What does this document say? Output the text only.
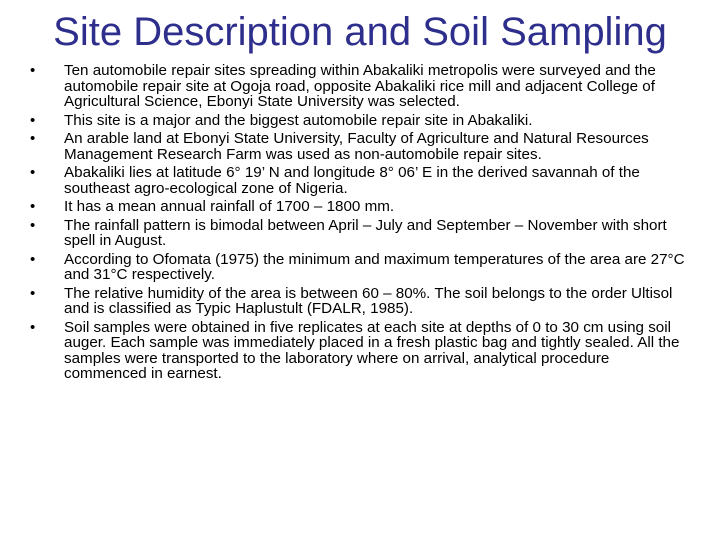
Site Description and Soil Sampling
•	Ten automobile repair sites spreading within Abakaliki metropolis were surveyed and the automobile repair site at Ogoja road, opposite Abakaliki rice mill and adjacent College of Agricultural Science, Ebonyi State University was selected.
•	This site is a major and the biggest automobile repair site in Abakaliki.
•	An arable land at Ebonyi State University, Faculty of Agriculture and Natural Resources Management Research Farm was used as non-automobile repair sites.
•	Abakaliki lies at latitude 6° 19’ N and longitude 8° 06’ E in the derived savannah of the southeast agro-ecological zone of Nigeria.
•	It has a mean annual rainfall of 1700 – 1800 mm.
•	The rainfall pattern is bimodal between April – July and September – November with short spell in August.
•	According to Ofomata (1975) the minimum and maximum temperatures of the area are 27°C and 31°C respectively.
•	The relative humidity of the area is between 60 – 80%. The soil belongs to the order Ultisol and is classified as Typic Haplustult (FDALR, 1985).
•	Soil samples were obtained in five replicates at each site at depths of 0 to 30 cm using soil auger. Each sample was immediately placed in a fresh plastic bag and tightly sealed. All the samples were transported to the laboratory where on arrival, analytical procedure commenced in earnest.
